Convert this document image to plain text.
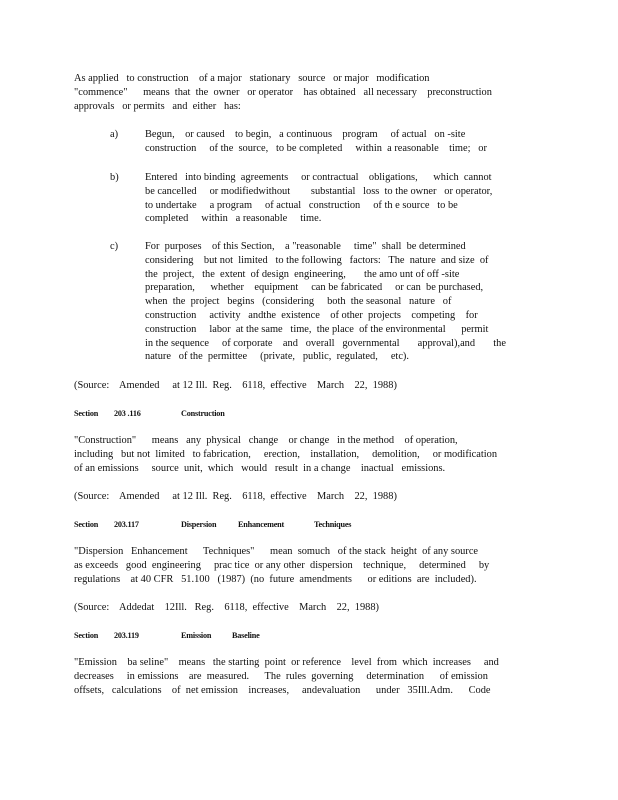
As applied   to construction    of a major   stationary   source   or major   modification
"commence"      means  that  the  owner   or operator    has obtained   all necessary    preconstruction
approvals   or permits   and  either   has:
a)	Begun,    or caused    to begin,   a continuous    program     of actual   on -site
construction     of the  source,   to be completed     within  a reasonable    time;   or
b)	Entered   into binding  agreements     or contractual    obligations,      which  cannot
be cancelled     or modifiedwithout        substantial   loss  to the owner   or operator,
to undertake     a program     of actual   construction     of th e source   to be
completed     within   a reasonable     time.
c)	For  purposes    of this Section,    a "reasonable     time"  shall  be determined
considering    but not  limited   to the following   factors:   The  nature  and size  of
the  project,   the  extent  of design  engineering,       the amo unt of off -site
preparation,      whether    equipment     can be fabricated     or can  be purchased,
when  the  project   begins   (considering     both  the seasonal   nature   of
construction     activity   andthe  existence    of other  projects    competing    for
construction     labor  at the same   time,  the place  of the environmental      permit
in the sequence     of corporate    and   overall   governmental       approval),and       the
nature   of the  permittee     (private,   public,  regulated,     etc).
(Source:    Amended     at 12 Ill.  Reg.    6118,  effective    March    22,  1988)
Section 203 .116	Construction
"Construction"      means   any  physical   change    or change   in the method    of operation,
including   but not  limited   to fabrication,     erection,    installation,     demolition,     or modification
of an emissions     source  unit,  which   would   result  in a change    inactual   emissions.
(Source:    Amended     at 12 Ill.  Reg.    6118,  effective    March    22,  1988)
Section 203.117	Dispersion	Enhancement	Techniques
"Dispersion   Enhancement      Techniques"      mean  somuch   of the stack  height  of any source
as exceeds   good  engineering     prac tice  or any other  dispersion    technique,     determined     by
regulations    at 40 CFR   51.100   (1987)  (no  future  amendments      or editions  are  included).
(Source:    Addedat    12Ill.   Reg.    6118,  effective    March    22,  1988)
Section 203.119	Emission	Baseline
"Emission    ba seline"    means   the starting  point  or reference    level  from  which  increases     and
decreases     in emissions    are  measured.      The  rules  governing     determination      of emission
offsets,   calculations    of  net emission    increases,     andevaluation      under   35Ill.Adm.      Code
